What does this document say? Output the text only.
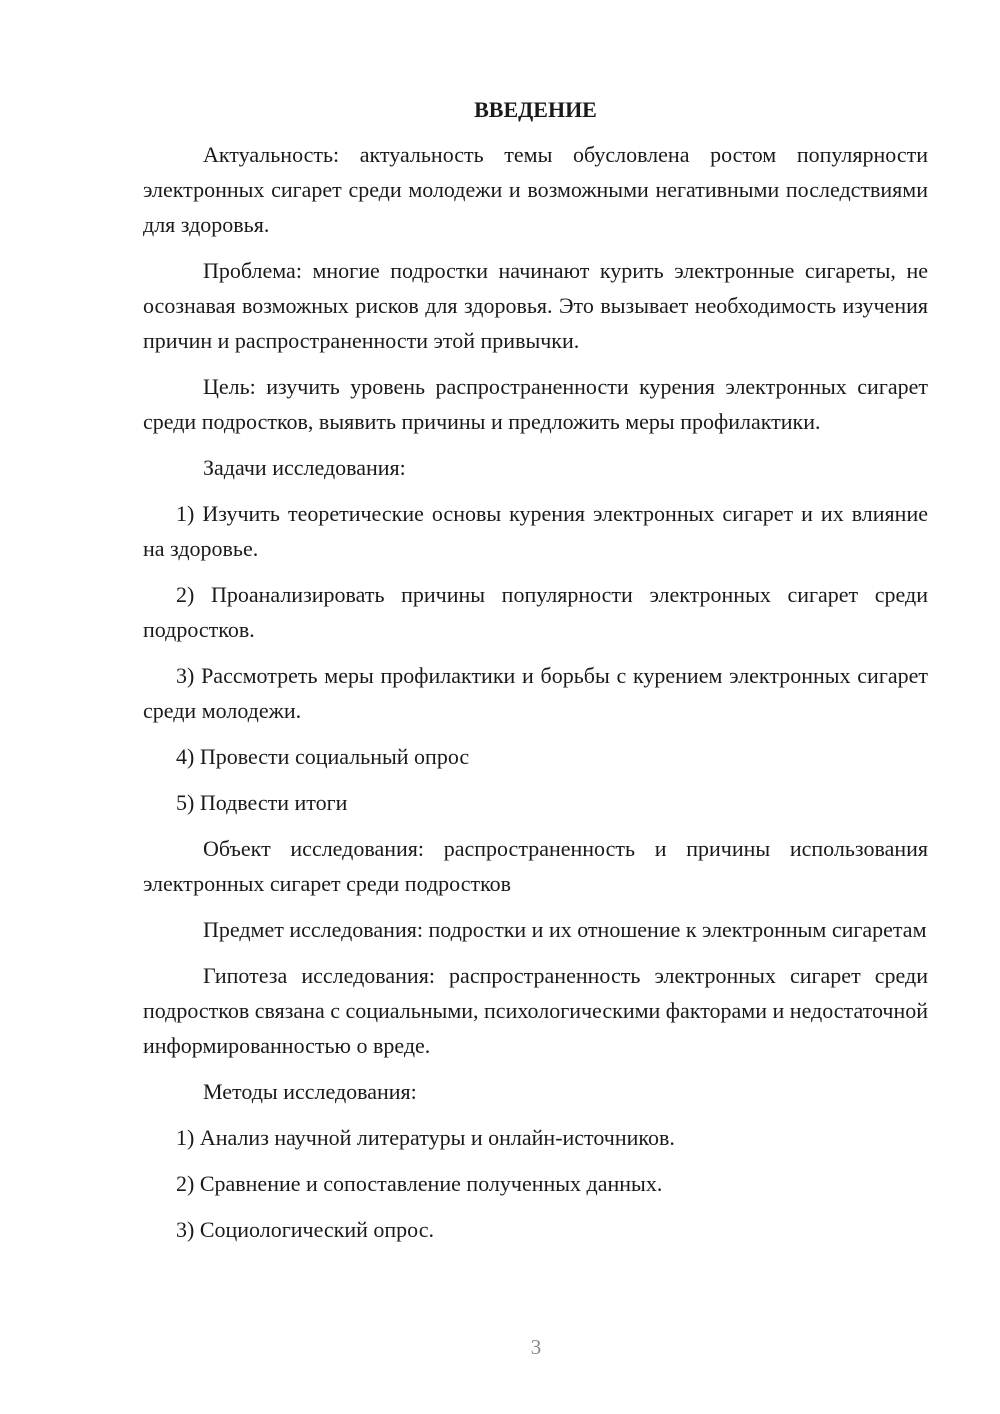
ВВЕДЕНИЕ

Актуальность: актуальность темы обусловлена ростом популярности электронных сигарет среди молодежи и возможными негативными последствиями для здоровья.

Проблема: многие подростки начинают курить электронные сигареты, не осознавая возможных рисков для здоровья. Это вызывает необходимость изучения причин и распространенности этой привычки.

Цель: изучить уровень распространенности курения электронных сигарет среди подростков, выявить причины и предложить меры профилактики.

Задачи исследования:

1) Изучить теоретические основы курения электронных сигарет и их влияние на здоровье.

2) Проанализировать причины популярности электронных сигарет среди подростков.

3) Рассмотреть меры профилактики и борьбы с курением электронных сигарет среди молодежи.

4) Провести социальный опрос

5) Подвести итоги

Объект исследования: распространенность и причины использования электронных сигарет среди подростков

Предмет исследования: подростки и их отношение к электронным сигаретам

Гипотеза исследования: распространенность электронных сигарет среди подростков связана с социальными, психологическими факторами и недостаточной информированностью о вреде.

Методы исследования:

1) Анализ научной литературы и онлайн-источников.

2) Сравнение и сопоставление полученных данных.

3) Социологический опрос.

3
